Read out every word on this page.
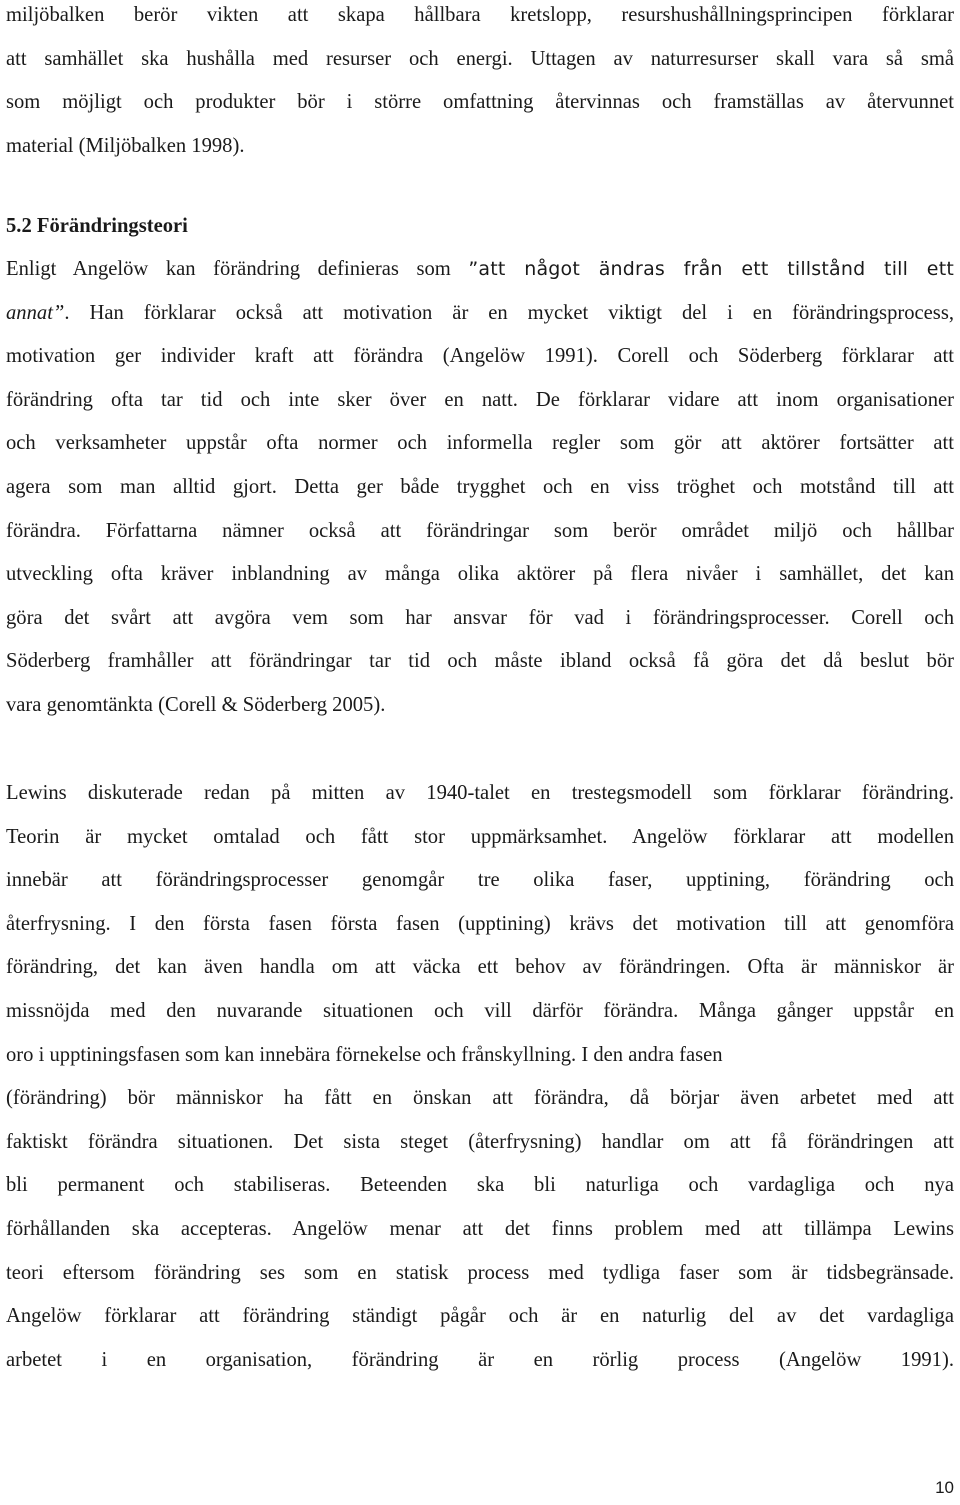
miljöbalken berör vikten att skapa hållbara kretslopp, resurshushållningsprincipen förklarar
att samhället ska hushålla med resurser och energi. Uttagen av naturresurser skall vara så små
som möjligt och produkter bör i större omfattning återvinnas och framställas av återvunnet
material (Miljöbalken 1998).
5.2 Förändringsteori
Enligt Angelöw kan förändring definieras som ”att något ändras från ett tillstånd till ett
annat”. Han förklarar också att motivation är en mycket viktigt del i en förändringsprocess,
motivation ger individer kraft att förändra (Angelöw 1991). Corell och Söderberg förklarar att
förändring ofta tar tid och inte sker över en natt. De förklarar vidare att inom organisationer
och verksamheter uppstår ofta normer och informella regler som gör att aktörer fortsätter att
agera som man alltid gjort. Detta ger både trygghet och en viss tröghet och motstånd till att
förändra. Författarna nämner också att förändringar som berör området miljö och hållbar
utveckling ofta kräver inblandning av många olika aktörer på flera nivåer i samhället, det kan
göra det svårt att avgöra vem som har ansvar för vad i förändringsprocesser. Corell och
Söderberg framhåller att förändringar tar tid och måste ibland också få göra det då beslut bör
vara genomtänkta (Corell & Söderberg 2005).
Lewins diskuterade redan på mitten av 1940-talet en trestegsmodell som förklarar förändring.
Teorin är mycket omtalad och fått stor uppmärksamhet. Angelöw förklarar att modellen
innebär att förändringsprocesser genomgår tre olika faser, upptining, förändring och
återfrysning. I den första fasen första fasen (upptining) krävs det motivation till att genomföra
förändring, det kan även handla om att väcka ett behov av förändringen. Ofta är människor är
missnöjda med den nuvarande situationen och vill därför förändra. Många gånger uppstår en
oro i upptiningsfasen som kan innebära förnekelse och frånskyllning. I den andra fasen
(förändring) bör människor ha fått en önskan att förändra, då börjar även arbetet med att
faktiskt förändra situationen. Det sista steget (återfrysning) handlar om att få förändringen att
bli permanent och stabiliseras. Beteenden ska bli naturliga och vardagliga och nya
förhållanden ska accepteras. Angelöw menar att det finns problem med att tillämpa Lewins
teori eftersom förändring ses som en statisk process med tydliga faser som är tidsbegränsade.
Angelöw förklarar att förändring ständigt pågår och är en naturlig del av det vardagliga
arbetet i en organisation, förändring är en rörlig process (Angelöw 1991).
10
